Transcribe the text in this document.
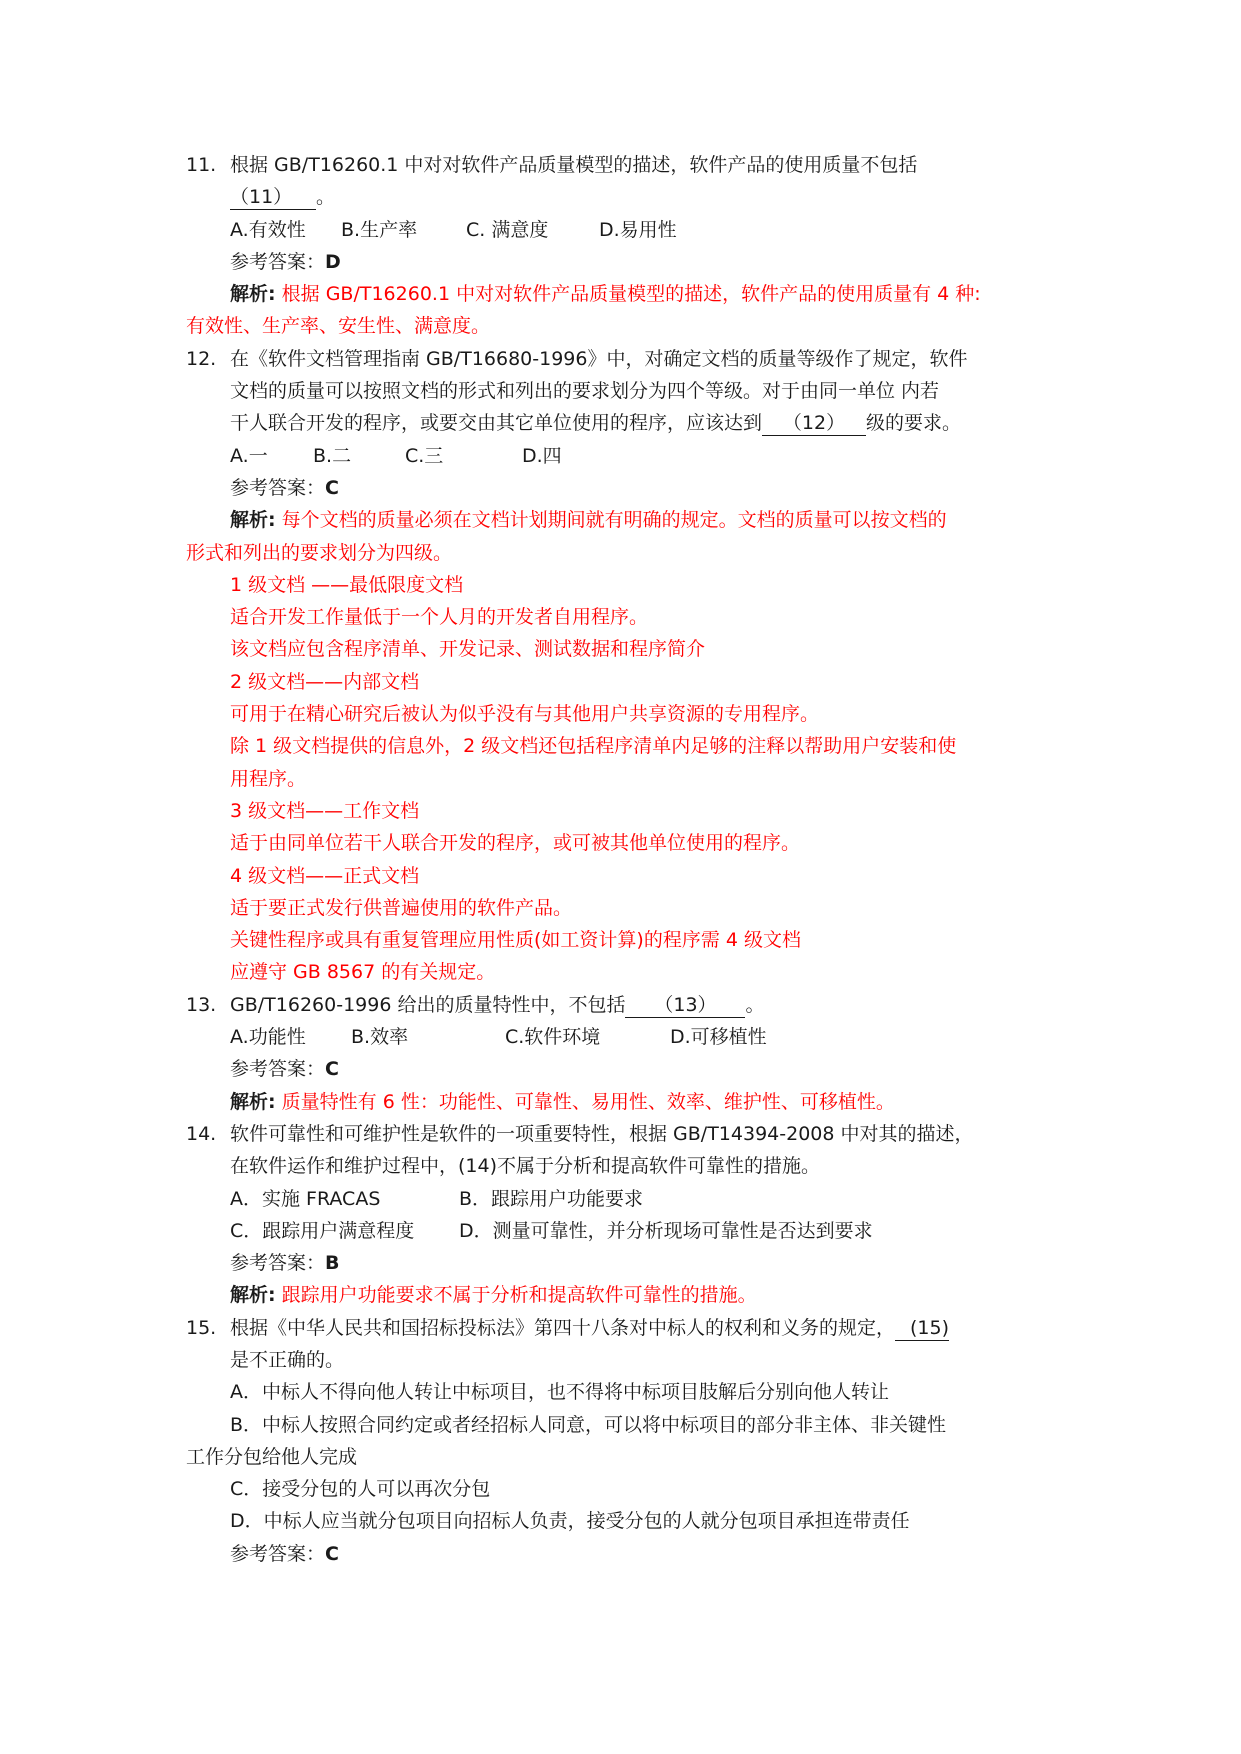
11. 根据 GB/T16260.1 中对对软件产品质量模型的描述，软件产品的使用质量不包括
（11） 。
A.有效性 B.生产率	C. 满意度	D.易用性
参考答案：D
解析: 根据 GB/T16260.1 中对对软件产品质量模型的描述，软件产品的使用质量有 4 种:
有效性、生产率、安生性、满意度。
12. 在《软件文档管理指南 GB/T16680-1996》中，对确定文档的质量等级作了规定，软件
文档的质量可以按照文档的形式和列出的要求划分为四个等级。对于由同一单位 内若
干人联合开发的程序，或要交由其它单位使用的程序，应该达到 （12） 级的要求。
A.一 B.二	C.三	D.四
参考答案：C
解析: 每个文档的质量必须在文档计划期间就有明确的规定。文档的质量可以按文档的
形式和列出的要求划分为四级。
1 级文档 ——最低限度文档
适合开发工作量低于一个人月的开发者自用程序。
该文档应包含程序清单、开发记录、测试数据和程序简介
2 级文档——内部文档
可用于在精心研究后被认为似乎没有与其他用户共享资源的专用程序。
除 1 级文档提供的信息外，2 级文档还包括程序清单内足够的注释以帮助用户安装和使
用程序。
3 级文档——工作文档
适于由同单位若干人联合开发的程序，或可被其他单位使用的程序。
4 级文档——正式文档
适于要正式发行供普遍使用的软件产品。
关键性程序或具有重复管理应用性质(如工资计算)的程序需 4 级文档
应遵守 GB 8567 的有关规定。
13. GB/T16260-1996 给出的质量特性中，不包括 （13） 。
A.功能性 B.效率	C.软件环境	D.可移植性
参考答案：C
解析: 质量特性有 6 性：功能性、可靠性、易用性、效率、维护性、可移植性。
14. 软件可靠性和可维护性是软件的一项重要特性，根据 GB/T14394-2008 中对其的描述，
在软件运作和维护过程中，(14)不属于分析和提高软件可靠性的措施。
A．实施 FRACAS	B．跟踪用户功能要求
C．跟踪用户满意程度 D．测量可靠性，并分析现场可靠性是否达到要求
参考答案：B
解析: 跟踪用户功能要求不属于分析和提高软件可靠性的措施。
15. 根据《中华人民共和国招标投标法》第四十八条对中标人的权利和义务的规定， (15)
是不正确的。
A．中标人不得向他人转让中标项目，也不得将中标项目肢解后分别向他人转让
B．中标人按照合同约定或者经招标人同意，可以将中标项目的部分非主体、非关键性
工作分包给他人完成
C．接受分包的人可以再次分包
D．中标人应当就分包项目向招标人负责，接受分包的人就分包项目承担连带责任
参考答案：C
